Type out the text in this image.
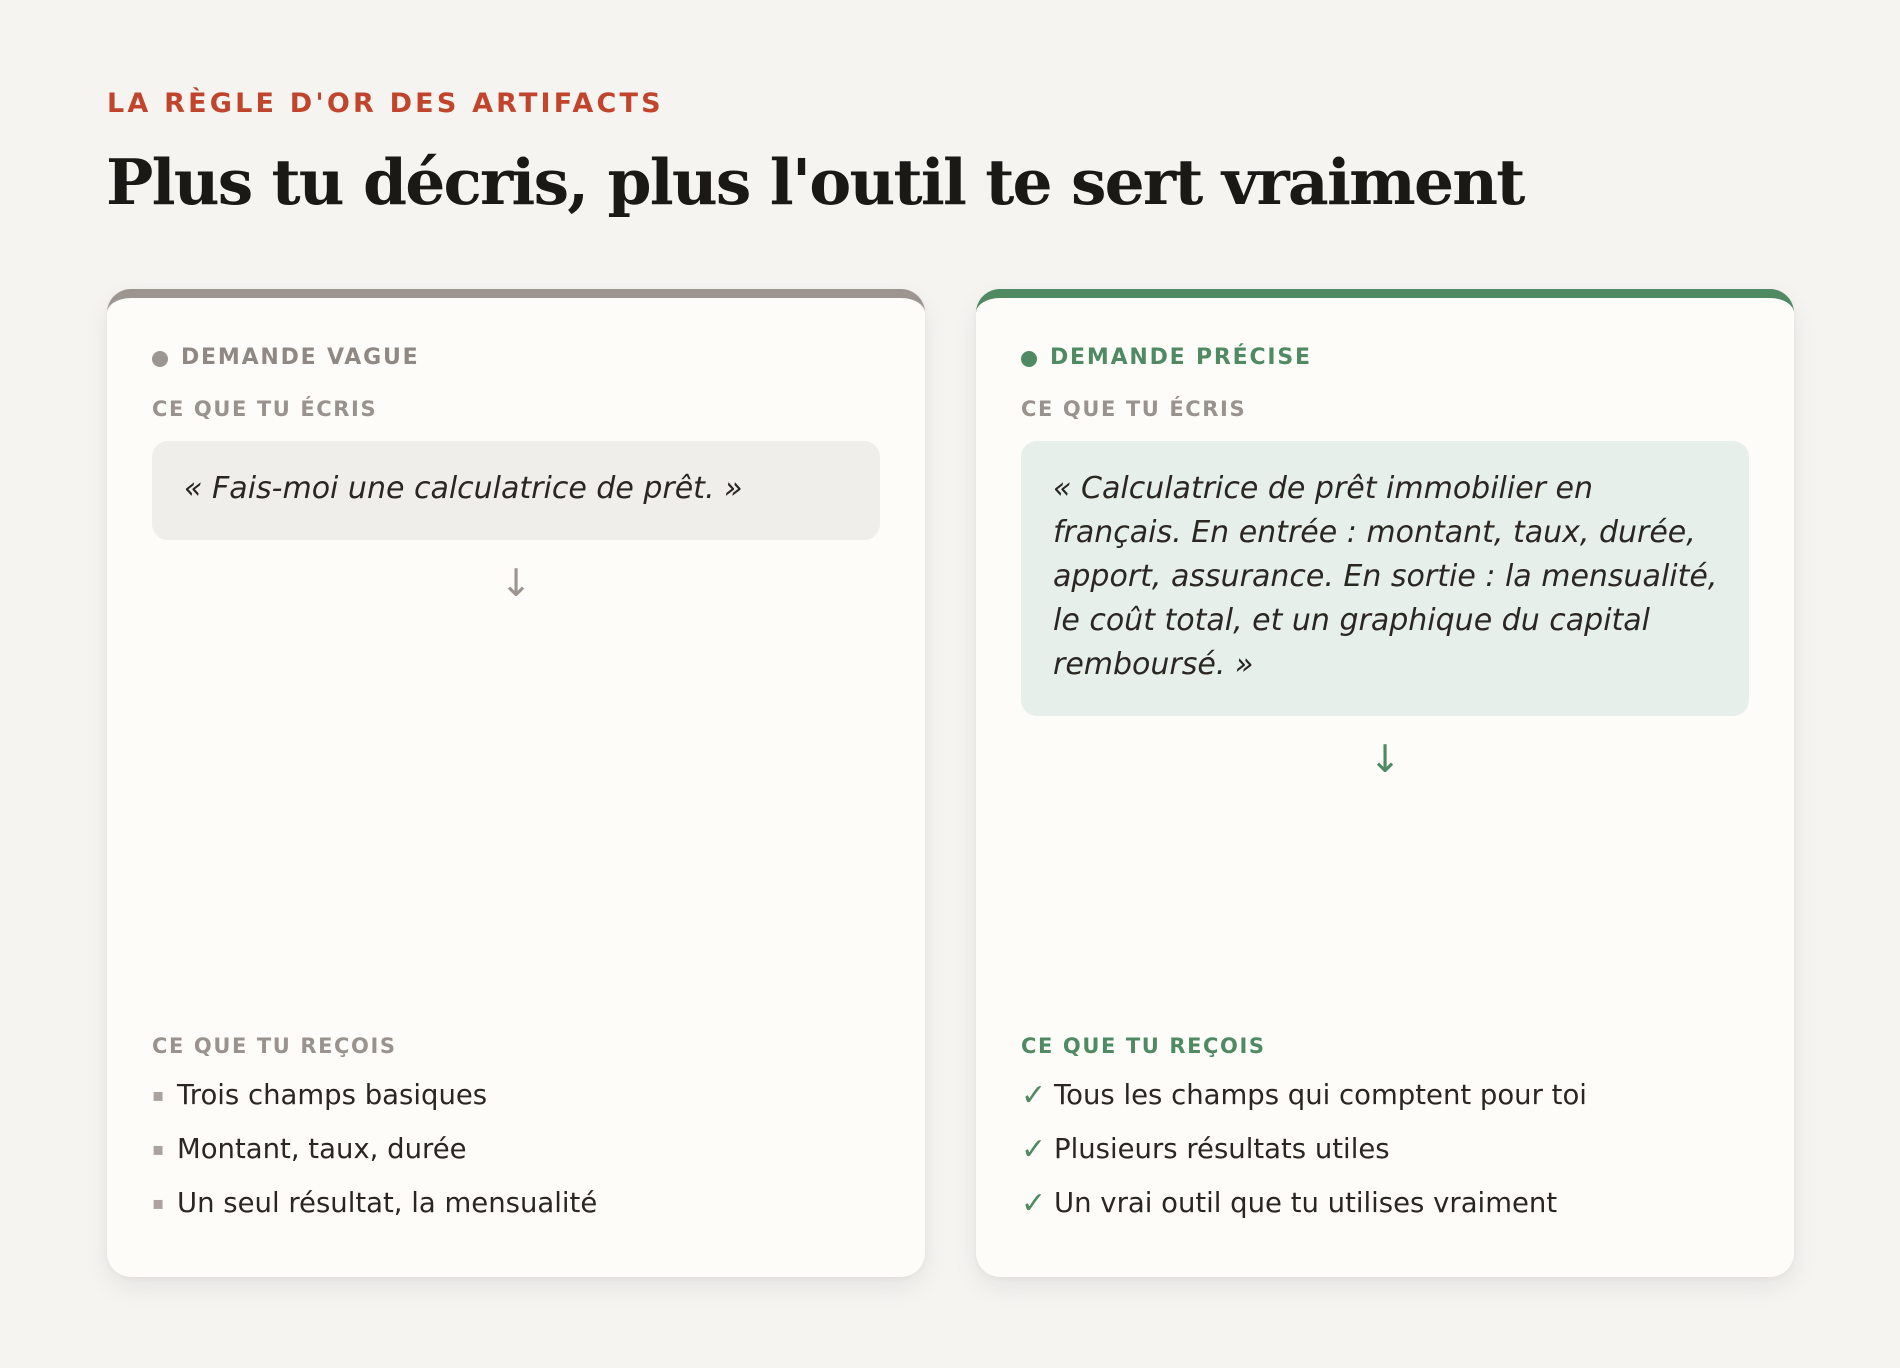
LA RÈGLE D'OR DES ARTIFACTS
Plus tu décris, plus l'outil te sert vraiment
DEMANDE VAGUE
CE QUE TU ÉCRIS
« Fais-moi une calculatrice de prêt. »
↓
CE QUE TU REÇOIS
▪ Trois champs basiques
▪ Montant, taux, durée
▪ Un seul résultat, la mensualité
DEMANDE PRÉCISE
CE QUE TU ÉCRIS
« Calculatrice de prêt immobilier en français. En entrée : montant, taux, durée, apport, assurance. En sortie : la mensualité, le coût total, et un graphique du capital remboursé. »
↓
CE QUE TU REÇOIS
✓ Tous les champs qui comptent pour toi
✓ Plusieurs résultats utiles
✓ Un vrai outil que tu utilises vraiment
